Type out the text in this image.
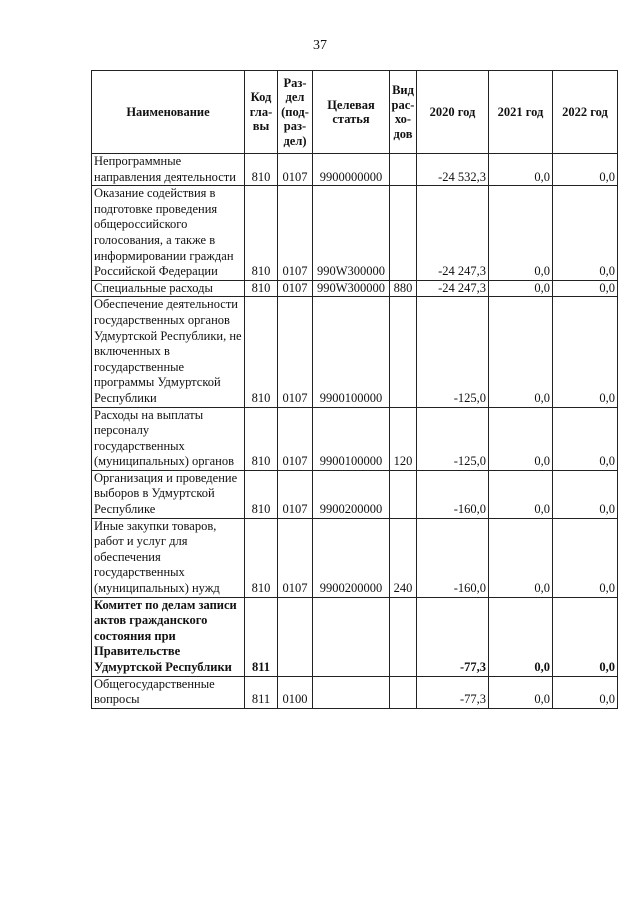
37
Наименование	Код гла- вы	Раз- дел (под- раз- дел)	Целевая статья	Вид рас- хо- дов	2020 год	2021 год	2022 год
Непрограммные направления деятельности	810	0107	9900000000		-24 532,3	0,0	0,0
Оказание содействия в подготовке проведения общероссийского голосования, а также в информировании граждан Российской Федерации	810	0107	990W300000		-24 247,3	0,0	0,0
Специальные расходы	810	0107	990W300000	880	-24 247,3	0,0	0,0
Обеспечение деятельности государственных органов Удмуртской Республики, не включенных в государственные программы Удмуртской Республики	810	0107	9900100000		-125,0	0,0	0,0
Расходы на выплаты персоналу государственных (муниципальных) органов	810	0107	9900100000	120	-125,0	0,0	0,0
Организация и проведение выборов в Удмуртской Республике	810	0107	9900200000		-160,0	0,0	0,0
Иные закупки товаров, работ и услуг для обеспечения государственных (муниципальных) нужд	810	0107	9900200000	240	-160,0	0,0	0,0
Комитет по делам записи актов гражданского состояния при Правительстве Удмуртской Республики	811				-77,3	0,0	0,0
Общегосударственные вопросы	811	0100			-77,3	0,0	0,0
